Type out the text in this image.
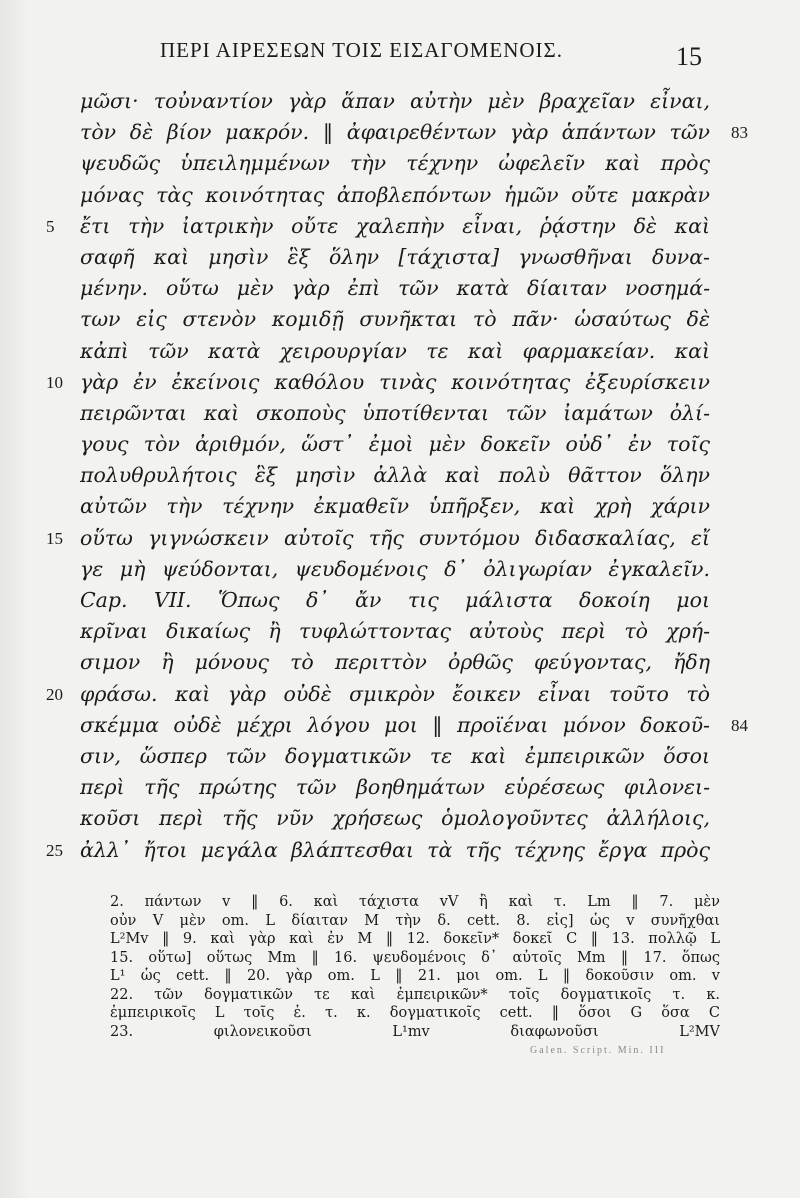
ΠΕΡΙ ΑΙΡΕΣΕΩΝ ΤΟΙΣ ΕΙΣΑΓΟΜΕΝΟΙΣ.	15
μῶσι· τοὐναντίον γὰρ ἅπαν αὐτὴν μὲν βραχεῖαν εἶναι,
τὸν δὲ βίον μακρόν. ‖ ἀφαιρεθέντων γὰρ ἁπάντων τῶν 83
ψευδῶς ὑπειλημμένων τὴν τέχνην ὠφελεῖν καὶ πρὸς
μόνας τὰς κοινότητας ἀποβλεπόντων ἡμῶν οὔτε μακρὰν
5	ἔτι τὴν ἰατρικὴν οὔτε χαλεπὴν εἶναι, ῥᾴστην δὲ καὶ
σαφῆ καὶ μησὶν ἓξ ὅλην [τάχιστα] γνωσθῆναι δυνα-
μένην. οὕτω μὲν γὰρ ἐπὶ τῶν κατὰ δίαιταν νοσημά-
των εἰς στενὸν κομιδῇ συνῆκται τὸ πᾶν· ὡσαύτως δὲ
κἀπὶ τῶν κατὰ χειρουργίαν τε καὶ φαρμακείαν. καὶ
10 γὰρ ἐν ἐκείνοις καθόλου τινὰς κοινότητας ἐξευρίσκειν
πειρῶνται καὶ σκοποὺς ὑποτίθενται τῶν ἰαμάτων ὀλί-
γους τὸν ἀριθμόν, ὥστ᾽ ἐμοὶ μὲν δοκεῖν οὐδ᾽ ἐν τοῖς
πολυθρυλήτοις ἓξ μησὶν ἀλλὰ καὶ πολὺ θᾶττον ὅλην
αὐτῶν τὴν τέχνην ἐκμαθεῖν ὑπῆρξεν, καὶ χρὴ χάριν
15 οὕτω γιγνώσκειν αὐτοῖς τῆς συντόμου διδασκαλίας, εἴ
γε μὴ ψεύδονται, ψευδομένοις δ᾽ ὀλιγωρίαν ἐγκαλεῖν.
Cap. VII. Ὅπως δ᾽ ἄν τις μάλιστα δοκοίη μοι
κρῖναι δικαίως ἢ τυφλώττοντας αὐτοὺς περὶ τὸ χρή-
σιμον ἢ μόνους τὸ περιττὸν ὀρθῶς φεύγοντας, ἤδη
20 φράσω. καὶ γὰρ οὐδὲ σμικρὸν ἔοικεν εἶναι τοῦτο τὸ
σκέμμα οὐδὲ μέχρι λόγου μοι ‖ προϊέναι μόνον δοκοῦ- 84
σιν, ὥσπερ τῶν δογματικῶν τε καὶ ἐμπειρικῶν ὅσοι
περὶ τῆς πρώτης τῶν βοηθημάτων εὑρέσεως φιλονει-
κοῦσι περὶ τῆς νῦν χρήσεως ὁμολογοῦντες ἀλλήλοις,
25 ἀλλ᾽ ἤτοι μεγάλα βλάπτεσθαι τὰ τῆς τέχνης ἔργα πρὸς
2. πάντων v ‖ 6. καὶ τάχιστα vV ἢ καὶ τ. Lm ‖ 7. μὲν
οὖν V μὲν om. L δίαιταν M τὴν δ. cett. 8. εἰς] ὡς v συνῆχθαι
L²Mv ‖ 9. καὶ γὰρ καὶ ἐν M ‖ 12. δοκεῖν* δοκεῖ C ‖ 13. πολλῷ L
15. οὕτω] οὕτως Mm ‖ 16. ψευδομένοις δ᾽ αὐτοῖς Mm ‖ 17. ὅπως
L¹ ὡς cett. ‖ 20. γὰρ om. L ‖ 21. μοι om. L ‖ δοκοῦσιν om. v
22. τῶν δογματικῶν τε καὶ ἐμπειρικῶν* τοῖς δογματικοῖς τ. κ.
ἐμπειρικοῖς L τοῖς ἐ. τ. κ. δογματικοῖς cett. ‖ ὅσοι G ὅσα C
23. φιλονεικοῦσι L¹mv διαφωνοῦσι L²MV
Galen. Script. Min. III
